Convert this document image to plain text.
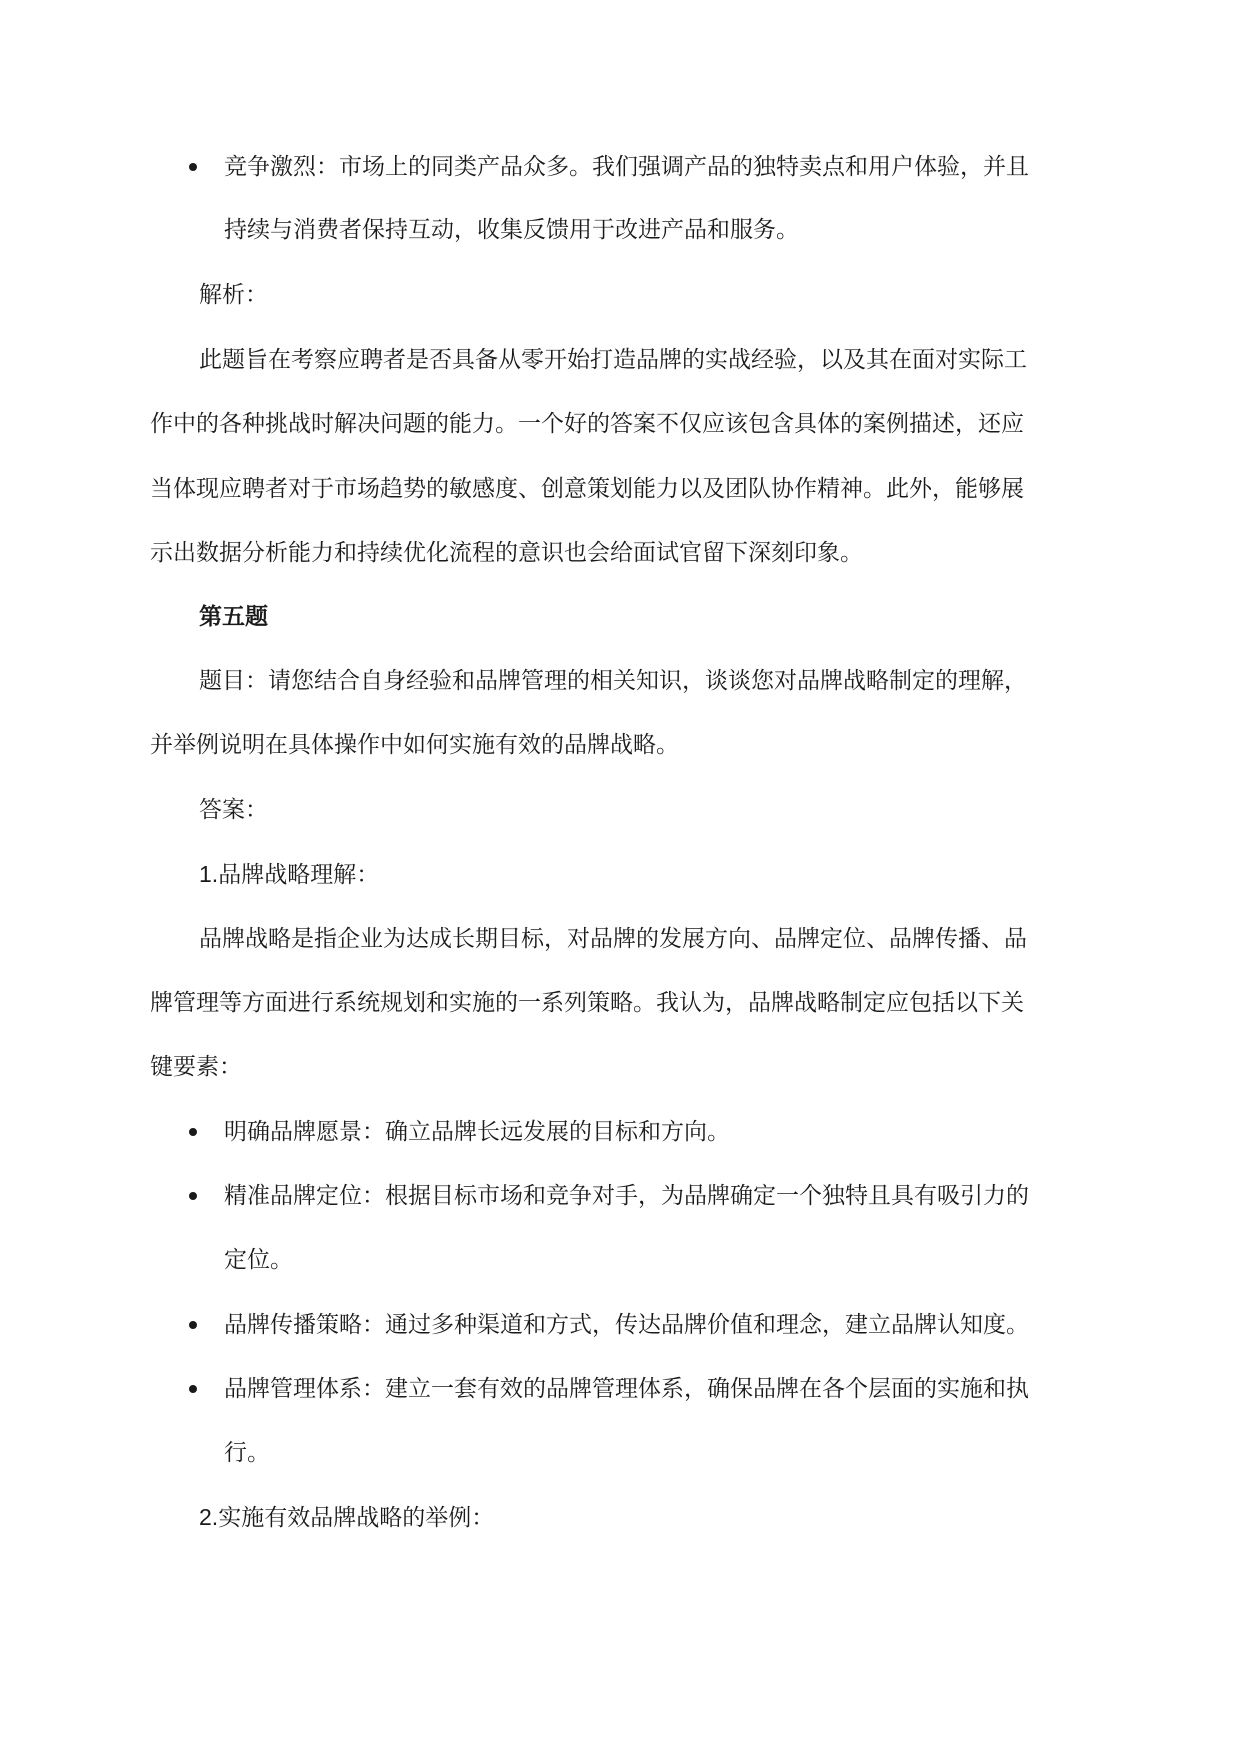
竞争激烈：市场上的同类产品众多。我们强调产品的独特卖点和用户体验，并且
持续与消费者保持互动，收集反馈用于改进产品和服务。
解析：
此题旨在考察应聘者是否具备从零开始打造品牌的实战经验，以及其在面对实际工
作中的各种挑战时解决问题的能力。一个好的答案不仅应该包含具体的案例描述，还应
当体现应聘者对于市场趋势的敏感度、创意策划能力以及团队协作精神。此外，能够展
示出数据分析能力和持续优化流程的意识也会给面试官留下深刻印象。
第五题
题目：请您结合自身经验和品牌管理的相关知识，谈谈您对品牌战略制定的理解，
并举例说明在具体操作中如何实施有效的品牌战略。
答案：
1.品牌战略理解：
品牌战略是指企业为达成长期目标，对品牌的发展方向、品牌定位、品牌传播、品
牌管理等方面进行系统规划和实施的一系列策略。我认为，品牌战略制定应包括以下关
键要素：
明确品牌愿景：确立品牌长远发展的目标和方向。
精准品牌定位：根据目标市场和竞争对手，为品牌确定一个独特且具有吸引力的
定位。
品牌传播策略：通过多种渠道和方式，传达品牌价值和理念，建立品牌认知度。
品牌管理体系：建立一套有效的品牌管理体系，确保品牌在各个层面的实施和执
行。
2.实施有效品牌战略的举例：
